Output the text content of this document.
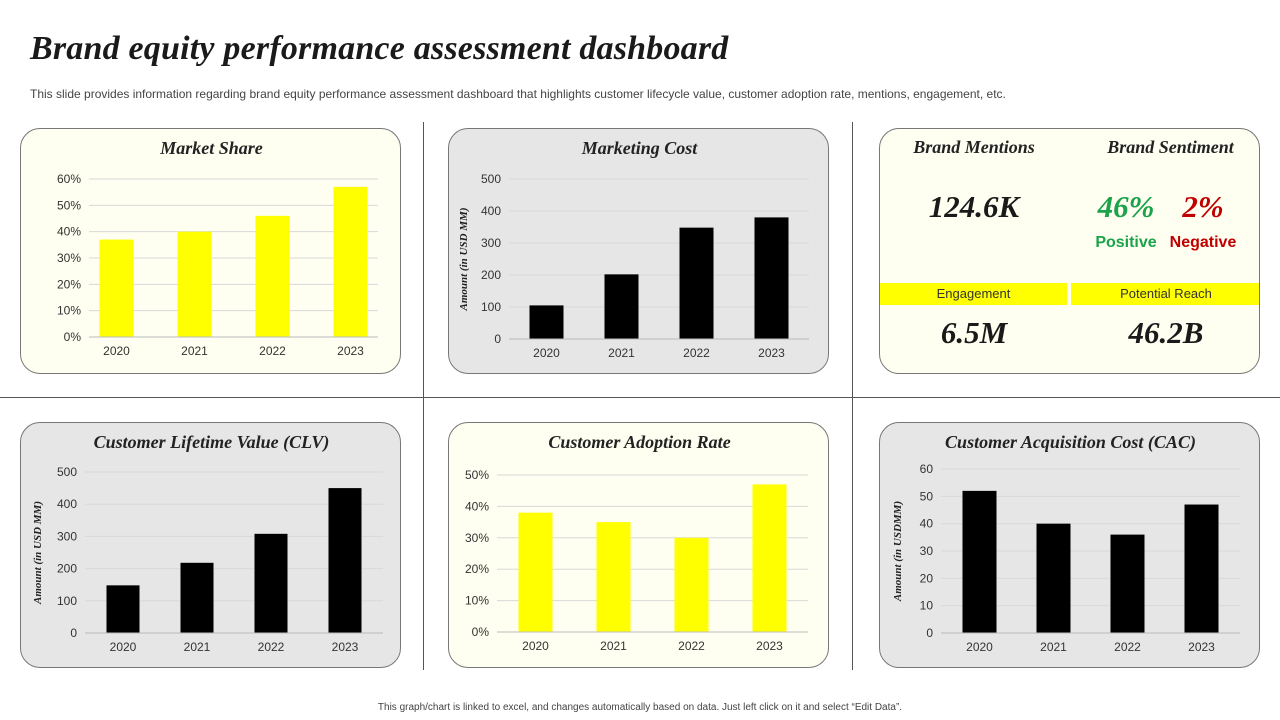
Brand equity performance assessment dashboard

This slide provides information regarding brand equity performance assessment dashboard that highlights customer lifecycle value, customer adoption rate, mentions, engagement, etc.

Market Share
0%
10%
20%
30%
40%
50%
60%
2020	2021	2022	2023
Marketing Cost
0
100
200
300
400
500
2020	2021	2022	2023
Amount (in USD MM)
Brand Mentions	Brand Sentiment
124.6K	46% 2%
Positive Negative
Engagement	Potential Reach
6.5M	46.2B
Customer Lifetime Value (CLV)
0
100
200
300
400
500
2020	2021	2022	2023
Amount (in USD MM)
Customer Adoption Rate
0%
10%
20%
30%
40%
50%
2020	2021	2022	2023
Customer Acquisition Cost (CAC)
0
10
20
30
40
50
60
2020	2021	2022	2023
Amount (in USDMM)
This graph/chart is linked to excel, and changes automatically based on data. Just left click on it and select “Edit Data”.
